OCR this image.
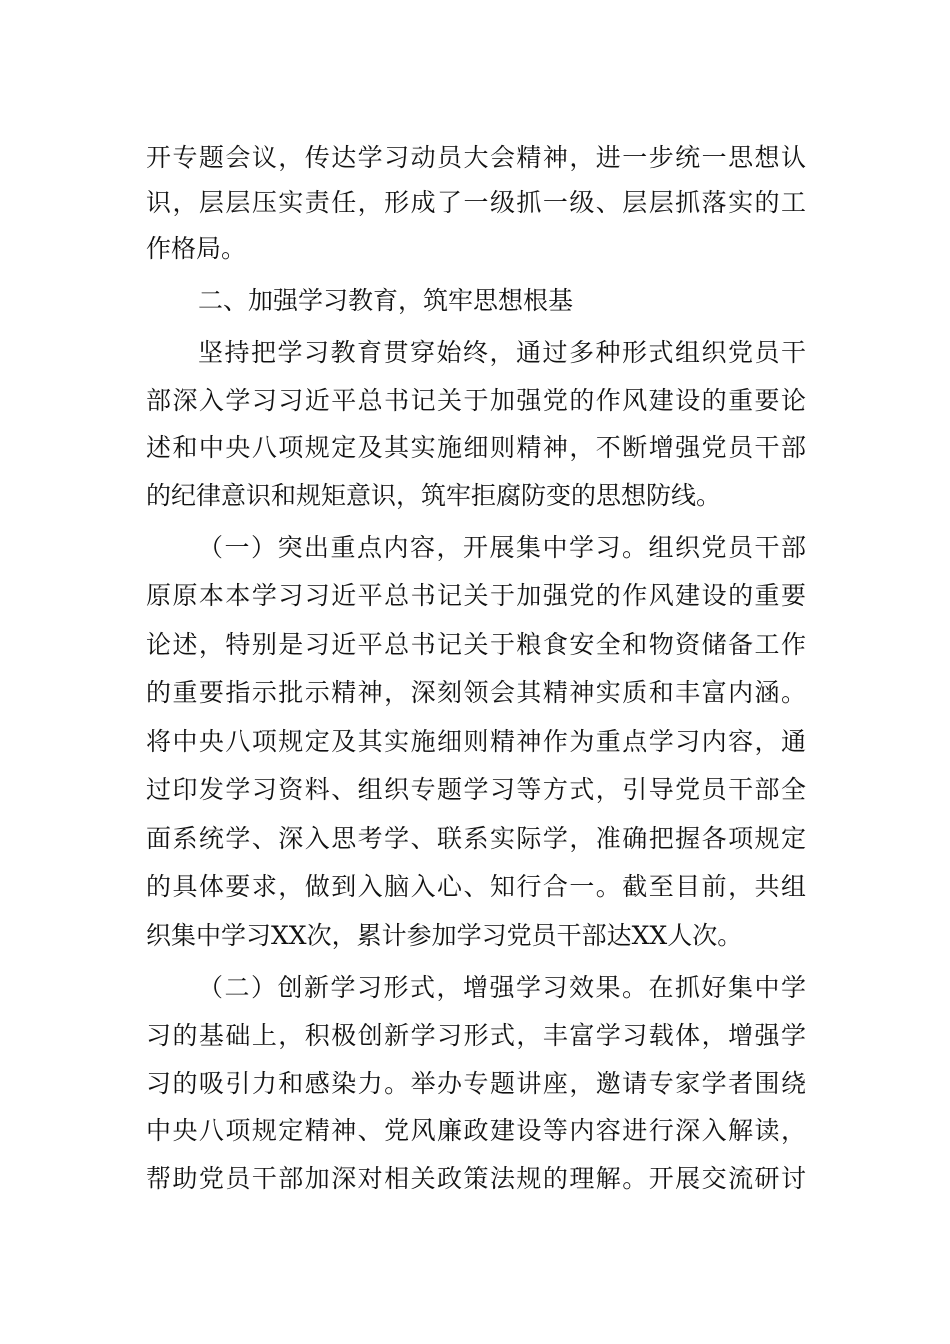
开专题会议，传达学习动员大会精神，进一步统一思想认
识，层层压实责任，形成了一级抓一级、层层抓落实的工
作格局。
二、加强学习教育，筑牢思想根基
坚持把学习教育贯穿始终，通过多种形式组织党员干
部深入学习习近平总书记关于加强党的作风建设的重要论
述和中央八项规定及其实施细则精神，不断增强党员干部
的纪律意识和规矩意识，筑牢拒腐防变的思想防线。
（一）突出重点内容，开展集中学习。组织党员干部
原原本本学习习近平总书记关于加强党的作风建设的重要
论述，特别是习近平总书记关于粮食安全和物资储备工作
的重要指示批示精神，深刻领会其精神实质和丰富内涵。
将中央八项规定及其实施细则精神作为重点学习内容，通
过印发学习资料、组织专题学习等方式，引导党员干部全
面系统学、深入思考学、联系实际学，准确把握各项规定
的具体要求，做到入脑入心、知行合一。截至目前，共组
织集中学习XX次，累计参加学习党员干部达XX人次。
（二）创新学习形式，增强学习效果。在抓好集中学
习的基础上，积极创新学习形式，丰富学习载体，增强学
习的吸引力和感染力。举办专题讲座，邀请专家学者围绕
中央八项规定精神、党风廉政建设等内容进行深入解读，
帮助党员干部加深对相关政策法规的理解。开展交流研讨
